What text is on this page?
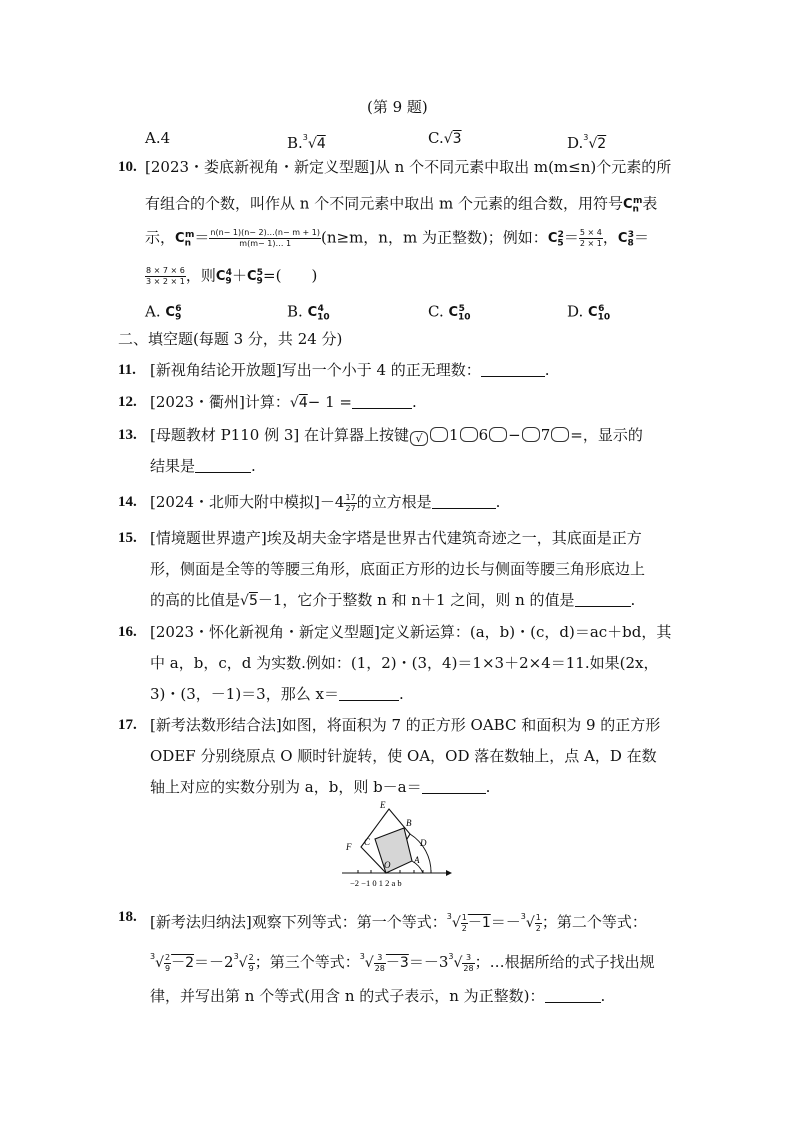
(第 9 题)
A.4	B.$^3$√4	C.√3	D.$^3$√2
10. [2023・娄底新视角・新定义型题]从 n 个不同元素中取出 m(m≤n)个元素的所
有组合的个数，叫作从 n 个不同元素中取出 m 个元素的组合数，用符号$C_n^m$表
示，$C_n^m= \frac{n(n- 1)(n- 2)\dots(n- m + 1)}{m(m- 1)\dots 1} (n\ge m$，n，m 为正整数)；例如：$C_5^2= \frac{5 \times 4}{2 \times 1}$ ，$C_8^3=$
$\frac{8 \times 7 \times 6}{3 \times 2 \times 1}$ ，则$C_9^4+C_9^5=$(　　)
A. $C_9^6$	B. $C_{10}^4$	C. $C_{10}^5$	D. $C_{10}^6$
二、填空题(每题 3 分，共 24 分)
11. [新视角结论开放题]写出一个小于 4 的正无理数：	.
12. [2023・衢州]计算：√4− 1 =	.
13. [母题教材 P110 例 3] 在计算器上按键 √ 1 6 − 7 =，显示的
结果是	.
14. [2024・北师大附中模拟]$-4 \frac{17}{27}$ 的立方根是	.
15. [情境题世界遗产]埃及胡夫金字塔是世界古代建筑奇迹之一，其底面是正方
形，侧面是全等的等腰三角形，底面正方形的边长与侧面等腰三角形底边上
的高的比值是√5－1，它介于整数 n 和 n＋1 之间，则 n 的值是	.
16. [2023・怀化新视角・新定义型题]定义新运算：(a，b)・(c，d)＝ac＋bd，其
中 a，b，c，d 为实数.例如：(1，2)・(3，4)＝1×3＋2×4＝11.如果(2x，
3)・(3，－1)＝3，那么 x＝	.
17. [新考法数形结合法]如图，将面积为 7 的正方形 OABC 和面积为 9 的正方形
ODEF 分别绕原点 O 顺时针旋转，使 OA，OD 落在数轴上，点 A，D 在数
轴上对应的实数分别为 a，b，则 b－a＝	.
E
B
F C	D
O	A
−2 −1 0 1 2 a b
18. [新考法归纳法]观察下列等式：第一个等式：$^3√ \frac{1}{2} -1=-^3√ \frac{1}{2}$ ；第二个等式：
$^3√ \frac{2}{9} -2=-2^3√ \frac{2}{9}$ ；第三个等式：$^3√ \frac{3}{28} -3=-3^3√ \frac{3}{28}$ ；…根据所给的式子找出规
律，并写出第 n 个等式(用含 n 的式子表示，n 为正整数)：	.
